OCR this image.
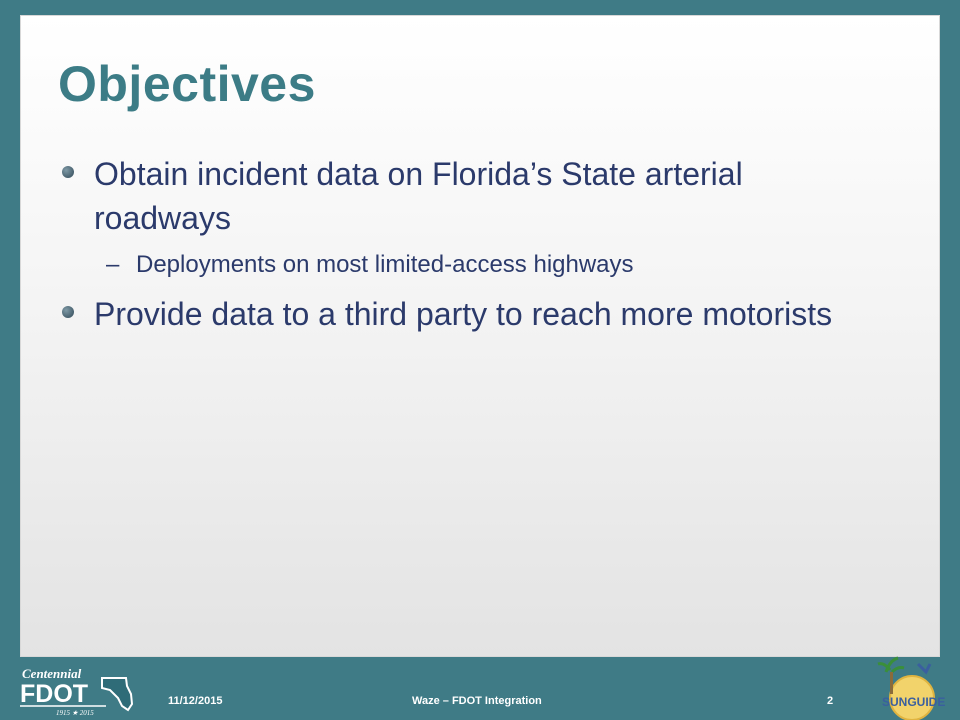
Objectives
Obtain incident data on Florida’s State arterial roadways
– Deployments on most limited-access highways
Provide data to a third party to reach more motorists
Centennial
FDOT
1915 ★ 2015
11/12/2015	Waze – FDOT Integration	2	SUNGUIDE
